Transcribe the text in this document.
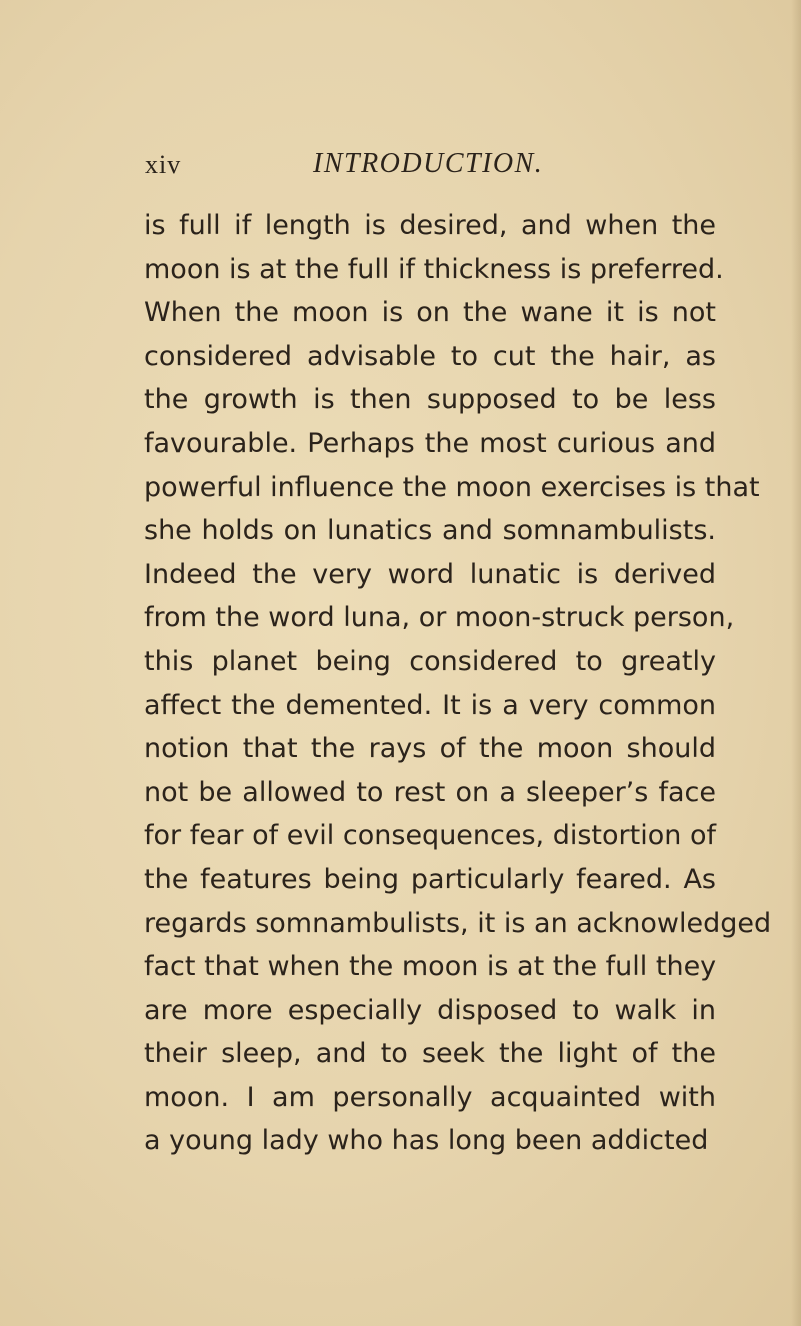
xiv	INTRODUCTION.
is full if length is desired, and when the
moon is at the full if thickness is preferred.
When the moon is on the wane it is not
considered advisable to cut the hair, as
the growth is then supposed to be less
favourable. Perhaps the most curious and
powerful influence the moon exercises is that
she holds on lunatics and somnambulists.
Indeed the very word lunatic is derived
from the word luna, or moon-struck person,
this planet being considered to greatly
affect the demented. It is a very common
notion that the rays of the moon should
not be allowed to rest on a sleeper’s face
for fear of evil consequences, distortion of
the features being particularly feared. As
regards somnambulists, it is an acknowledged
fact that when the moon is at the full they
are more especially disposed to walk in
their sleep, and to seek the light of the
moon. I am personally acquainted with
a young lady who has long been addicted
